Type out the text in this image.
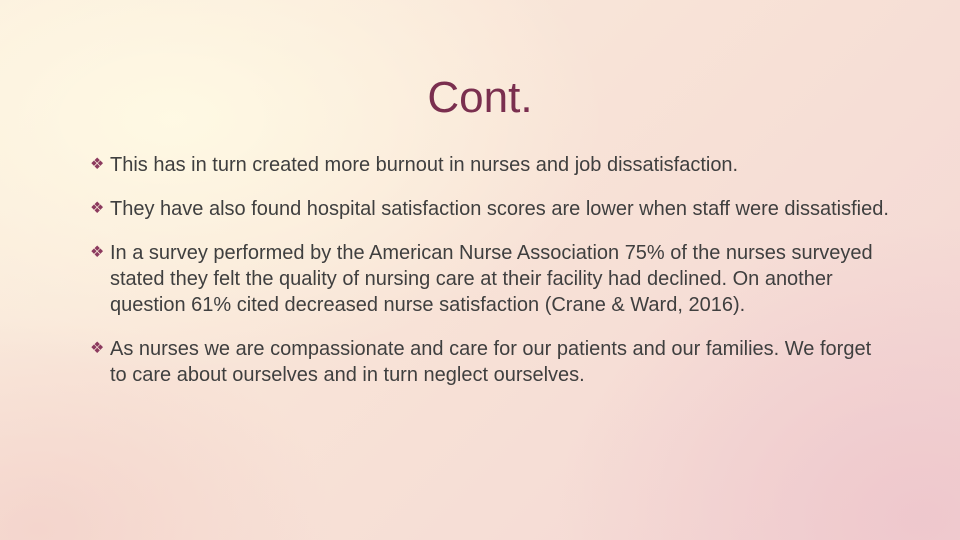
Cont.
❖ This has in turn created more burnout in nurses and job dissatisfaction.
❖ They have also found hospital satisfaction scores are lower when staff were dissatisfied.
❖ In a survey performed by the American Nurse Association 75% of the nurses surveyed stated they felt the quality of nursing care at their facility had declined. On another question 61% cited decreased nurse satisfaction (Crane & Ward, 2016).
❖ As nurses we are compassionate and care for our patients and our families. We forget to care about ourselves and in turn neglect ourselves.
